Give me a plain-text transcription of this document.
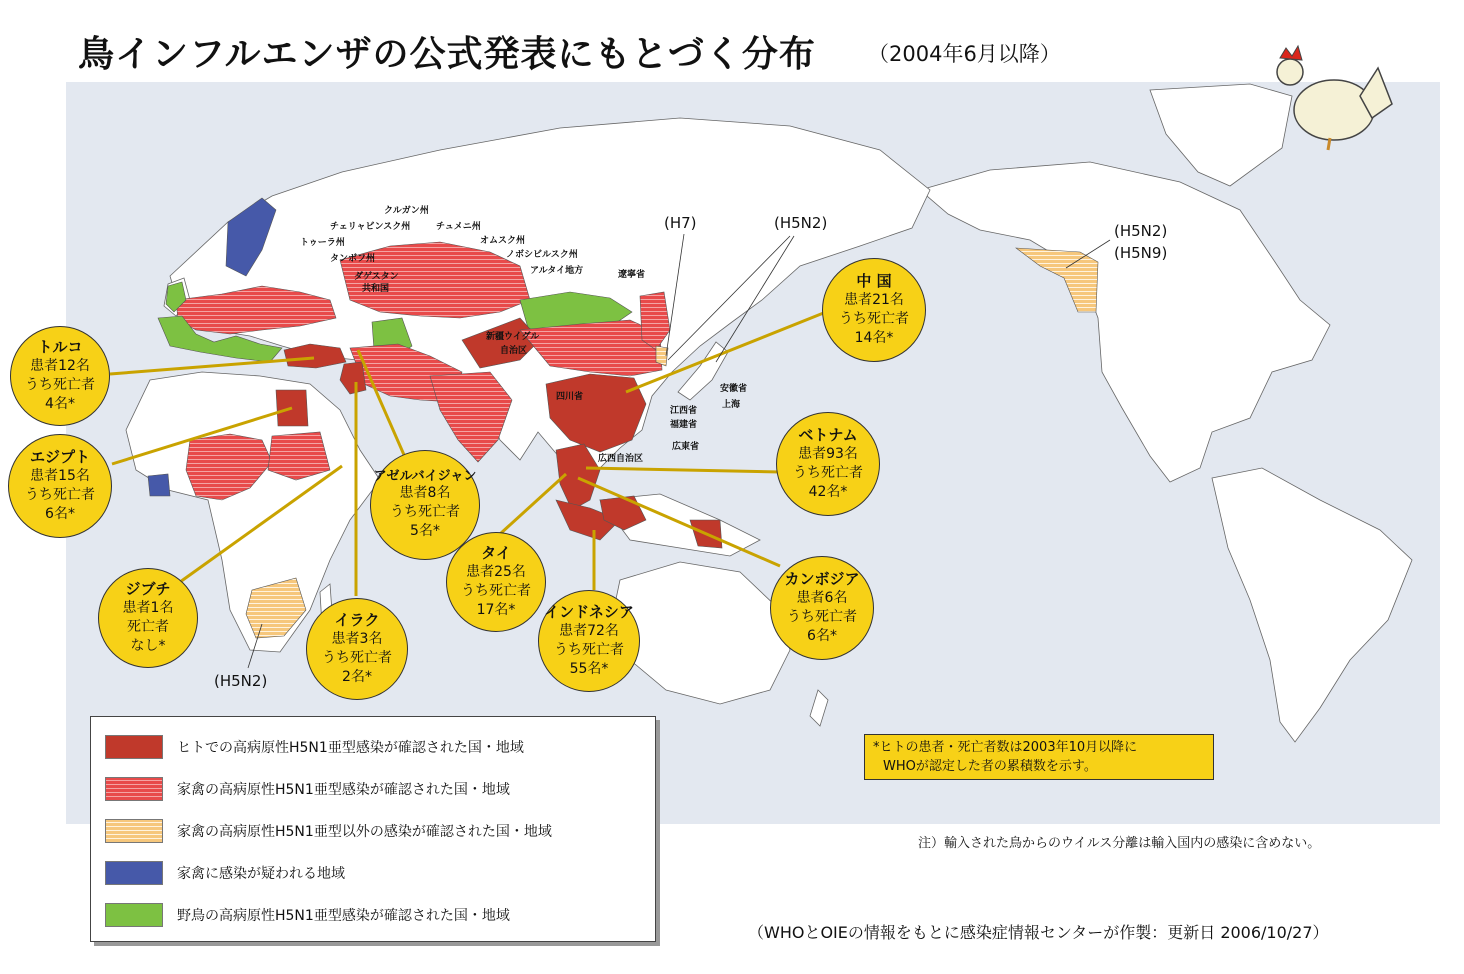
鳥インフルエンザの公式発表にもとづく分布 （2004年6月以降）
クルガン州
チェリャビンスク州	チュメニ州
オムスク州
トゥーラ州
タンボフ州	ノボシビルスク州
ダゲスタン
共和国
アルタイ地方	遼寧省
新疆ウイグル
自治区
安徽省
四川省
上海
江西省
福建省
広東省
広西自治区
(H7)	(H5N2)	(H5N2)
(H5N9)
(H5N2)
トルコ
患者12名
うち死亡者
4名*
エジプト
患者15名
うち死亡者
6名*
ジブチ
患者1名
死亡者
なし*
イラク
患者3名
うち死亡者
2名*
アゼルバイジャン
患者8名
うち死亡者
5名*
タイ
患者25名
うち死亡者
17名* インドネシア
患者72名
うち死亡者
55名*
中 国
患者21名
うち死亡者
14名*
ベトナム
患者93名
うち死亡者
42名*
カンボジア
患者6名
うち死亡者
6名*
ヒトでの高病原性H5N1亜型感染が確認された国・地域
家禽の高病原性H5N1亜型感染が確認された国・地域
家禽の高病原性H5N1亜型以外の感染が確認された国・地域
家禽に感染が疑われる地域
野鳥の高病原性H5N1亜型感染が確認された国・地域
*ヒトの患者・死亡者数は2003年10月以降に
WHOが認定した者の累積数を示す。
注）輸入された鳥からのウイルス分離は輸入国内の感染に含めない。
（WHOとOIEの情報をもとに感染症情報センターが作製：更新日 2006/10/27）
